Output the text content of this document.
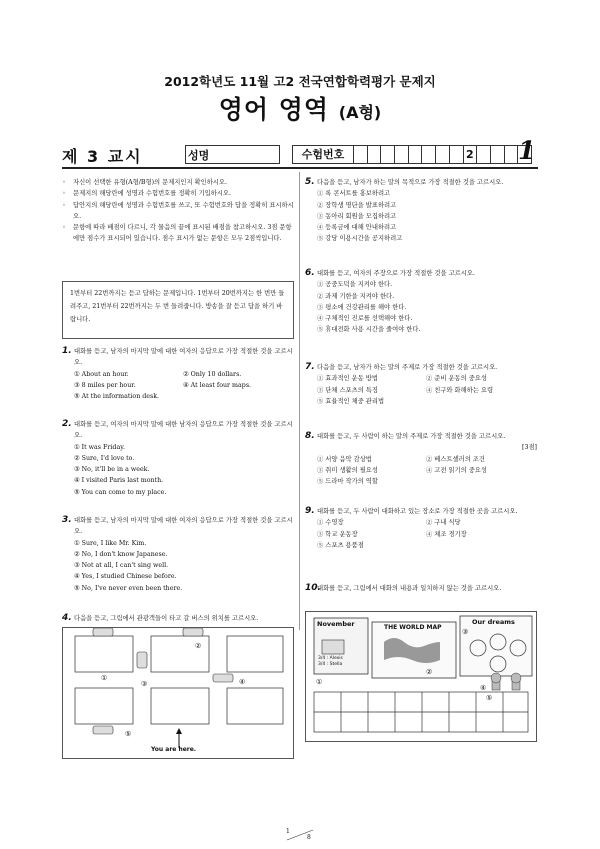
2012학년도 11월 고2 전국연합학력평가 문제지
영어 영역 (A형)
제 3 교시	성명	수험번호	2 1
◦	자신이 선택한 유형(A형/B형)의 문제지인지 확인하시오.
◦	문제지의 해당란에 성명과 수험번호를 정확히 기입하시오.
◦	답안지의 해당란에 성명과 수험번호를 쓰고, 또 수험번호와 답을 정확히 표시하시오.
◦	문항에 따라 배점이 다르니, 각 물음의 끝에 표시된 배점을 참고하시오. 3점 문항에만 점수가 표시되어 있습니다. 점수 표시가 없는 문항은 모두 2점씩입니다.
1번부터 22번까지는 듣고 답하는 문제입니다. 1번부터 20번까지는 한 번만 들려주고, 21번부터 22번까지는 두 번 들려줍니다. 방송을 잘 듣고 답을 하기 바랍니다.
1. 대화를 듣고, 남자의 마지막 말에 대한 여자의 응답으로 가장 적절한 것을 고르시오.
① About an hour.	② Only 10 dollars.
③ 8 miles per hour.	④ At least four maps.
⑤ At the information desk.
2. 대화를 듣고, 여자의 마지막 말에 대한 남자의 응답으로 가장 적절한 것을 고르시오.
① It was Friday.
② Sure, I'd love to.
③ No, it'll be in a week.
④ I visited Paris last month.
⑤ You can come to my place.
3. 대화를 듣고, 남자의 마지막 말에 대한 여자의 응답으로 가장 적절한 것을 고르시오.
① Sure, I like Mr. Kim.
② No, I don't know Japanese.
③ Not at all, I can't sing well.
④ Yes, I studied Chinese before.
⑤ No, I've never even been there.
4. 다음을 듣고, 그림에서 관광객들이 타고 갈 버스의 위치를 고르시오.
①
②
③	④
⑤
You are here.
5. 다음을 듣고, 남자가 하는 말의 목적으로 가장 적절한 것을 고르시오.
① 록 콘서트를 홍보하려고
② 장학생 명단을 발표하려고
③ 동아리 회원을 모집하려고
④ 등록금에 대해 안내하려고
⑤ 강당 이용시간을 공지하려고
6. 대화를 듣고, 여자의 주장으로 가장 적절한 것을 고르시오.
① 공중도덕을 지켜야 한다.
② 과제 기한을 지켜야 한다.
③ 평소에 건강관리를 해야 한다.
④ 구체적인 진로를 선택해야 한다.
⑤ 휴대전화 사용 시간을 줄여야 한다.
7. 다음을 듣고, 남자가 하는 말의 주제로 가장 적절한 것을 고르시오.
① 효과적인 운동 방법	② 준비 운동의 중요성
③ 단체 스포츠의 특징	④ 친구와 화해하는 요령
⑤ 효율적인 체중 관리법
8. 대화를 듣고, 두 사람이 하는 말의 주제로 가장 적절한 것을 고르시오.
[3점]
① 서양 음악 감상법	② 베스트셀러의 조건
③ 취미 생활의 필요성	④ 고전 읽기의 중요성
⑤ 드라마 작가의 역할
9. 대화를 듣고, 두 사람이 대화하고 있는 장소로 가장 적절한 곳을 고르시오.
① 수영장	② 구내 식당
③ 학교 운동장	④ 체조 경기장
⑤ 스포츠 용품점
10.
대화를 듣고, 그림에서 대화의 내용과 일치하지 않는 것을 고르시오.
①
②
③
④
⑤
November	THE WORLD MAP
Our dreams
3/4 : Alexis
3/4 : Stella
1
8
